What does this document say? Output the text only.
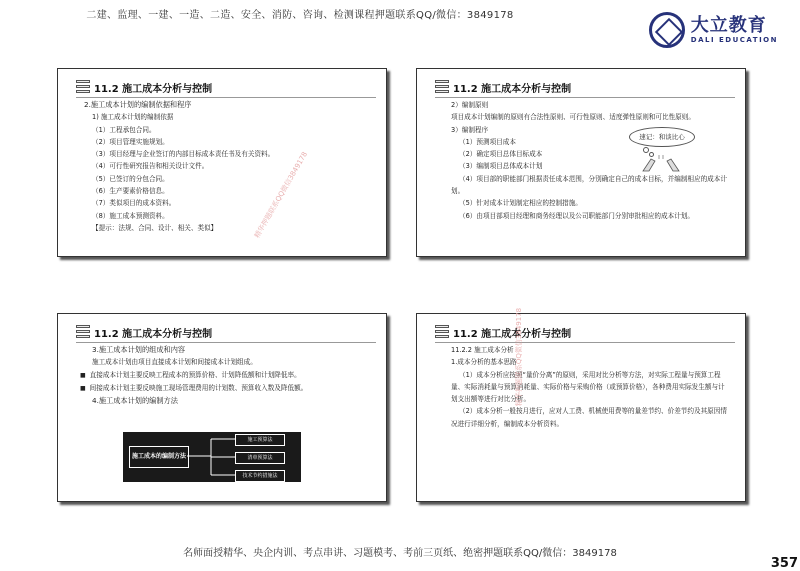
二建、监理、一建、一造、二造、安全、消防、咨询、检测课程押题联系QQ/微信：3849178	大立教育
DALI EDUCATION
11.2 施工成本分析与控制
2.施工成本计划的编制依据和程序
1) 施工成本计划的编制依据
（1）工程承包合同。
（2）项目管理实施规划。
（3）项目经理与企业签订的内部目标成本责任书及有关资料。
（4）可行性研究报告和相关设计文件。
（5）已签订的分包合同。
（6）生产要素价格信息。
（7）类似项目的成本资料。
（8）施工成本预测资料。
【提示：法规、合同、设计、相关、类似】
11.2 施工成本分析与控制
2）编制原则
项目成本计划编制的原则有合法性原则、可行性原则、适度弹性原则和可比性原则。
3）编制程序
（1）预测项目成本
（2）确定项目总体目标成本
（3）编制项目总体成本计划
（4）项目部的职能部门根据责任成本范围，分别确定自己的成本目标，并编制相应的成本计划。
（5）针对成本计划制定相应的控制措施。
（6）由项目部项目经理和商务经理以及公司职能部门分别审批相应的成本计划。
速记：和谈比心
11.2 施工成本分析与控制
3.施工成本计划的组成和内容
施工成本计划由项目直接成本计划和间接成本计划组成。
■ 直接成本计划主要反映工程成本的预算价格、计划降低额和计划降低率。
■ 间接成本计划主要反映施工现场管理费用的计划数、预算收入数及降低额。
4.施工成本计划的编制方法
施工成本的编制方法
施工预算法
清单预算法
技术节约措施法
11.2 施工成本分析与控制
11.2.2 施工成本分析
1.成本分析的基本思路
（1）成本分析应按照“量价分离”的原则，采用对比分析等方法，对实际工程量与预算工程量、实际消耗量与预算消耗量、实际价格与采购价格（或预算价格），各种费用实际发生额与计划支出额等进行对比分析。
（2）成本分析一般按月进行，应对人工费、机械使用费等的量差节约、价差节约及其原因情况进行详细分析，编制成本分析资料。
精华押题联系QQ微信3849178
精华押题联系QQ微信3849178
名师面授精华、央企内训、考点串讲、习题模考、考前三页纸、绝密押题联系QQ/微信：3849178
357
